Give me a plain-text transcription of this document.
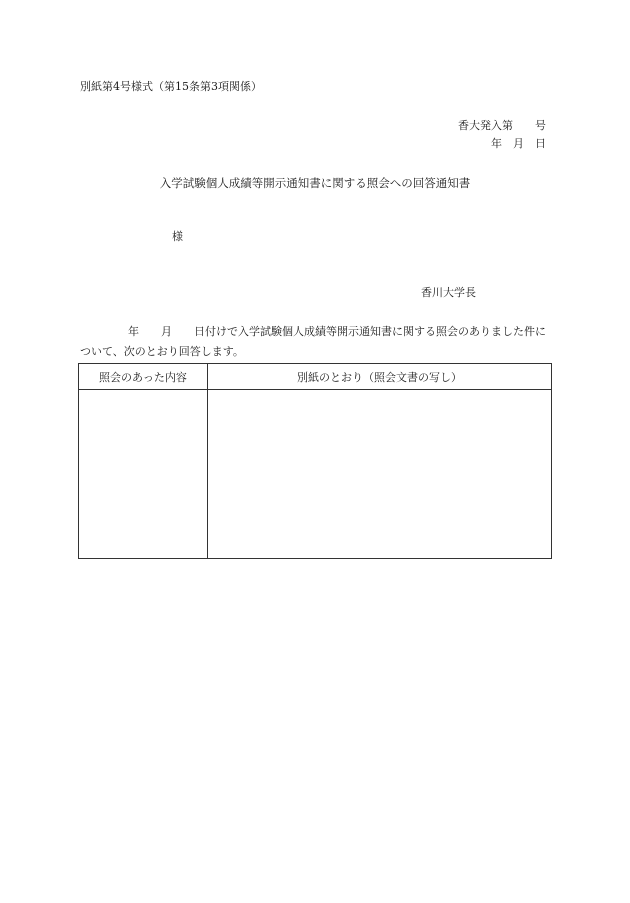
別紙第4号様式（第15条第3項関係）
香大発入第　　号
年　月　日
入学試験個人成績等開示通知書に関する照会への回答通知書
様
香川大学長
年　　月　　日付けで入学試験個人成績等開示通知書に関する照会のありました件について、次のとおり回答します。
照会のあった内容	別紙のとおり（照会文書の写し）
